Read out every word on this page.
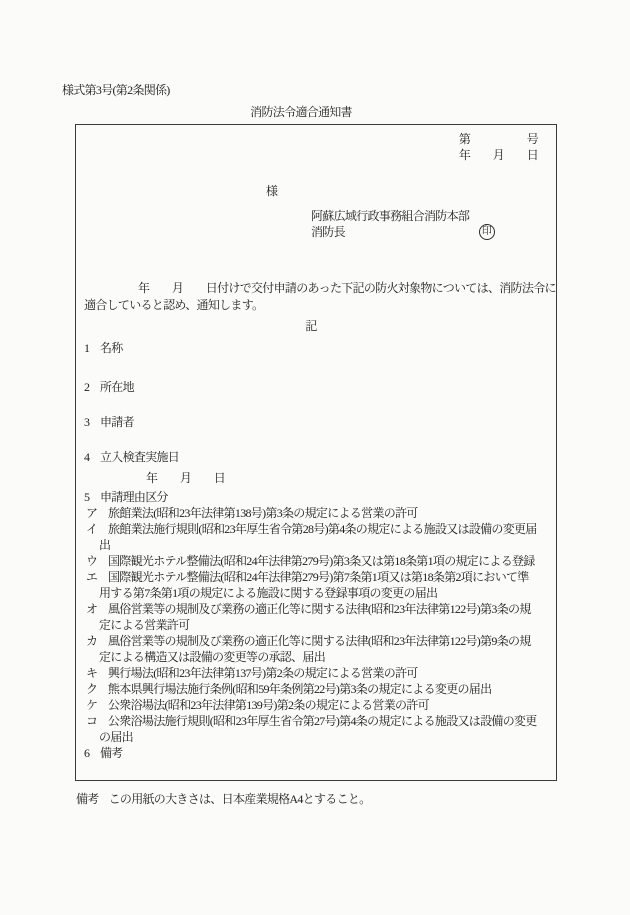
様式第3号(第2条関係)
消防法令適合通知書
第　　　　　号
年　　月　　日
様
阿蘇広域行政事務組合消防本部
消防長	印
年　　月　　日付けで交付申請のあった下記の防火対象物については、消防法令に
適合していると認め、通知します。
記
1 名称
2 所在地
3 申請者
4 立入検査実施日
年　　月　　日
5 申請理由区分
ア 旅館業法(昭和23年法律第138号)第3条の規定による営業の許可
イ 旅館業法施行規則(昭和23年厚生省令第28号)第4条の規定による施設又は設備の変更届出
ウ 国際観光ホテル整備法(昭和24年法律第279号)第3条又は第18条第1項の規定による登録
エ 国際観光ホテル整備法(昭和24年法律第279号)第7条第1項又は第18条第2項において準用する第7条第1項の規定による施設に関する登録事項の変更の届出
オ 風俗営業等の規制及び業務の適正化等に関する法律(昭和23年法律第122号)第3条の規定による営業許可
カ 風俗営業等の規制及び業務の適正化等に関する法律(昭和23年法律第122号)第9条の規定による構造又は設備の変更等の承認、届出
キ 興行場法(昭和23年法律第137号)第2条の規定による営業の許可
ク 熊本県興行場法施行条例(昭和59年条例第22号)第3条の規定による変更の届出
ケ 公衆浴場法(昭和23年法律第139号)第2条の規定による営業の許可
コ 公衆浴場法施行規則(昭和23年厚生省令第27号)第4条の規定による施設又は設備の変更の届出
6 備考
備考 この用紙の大きさは、日本産業規格A4とすること。
